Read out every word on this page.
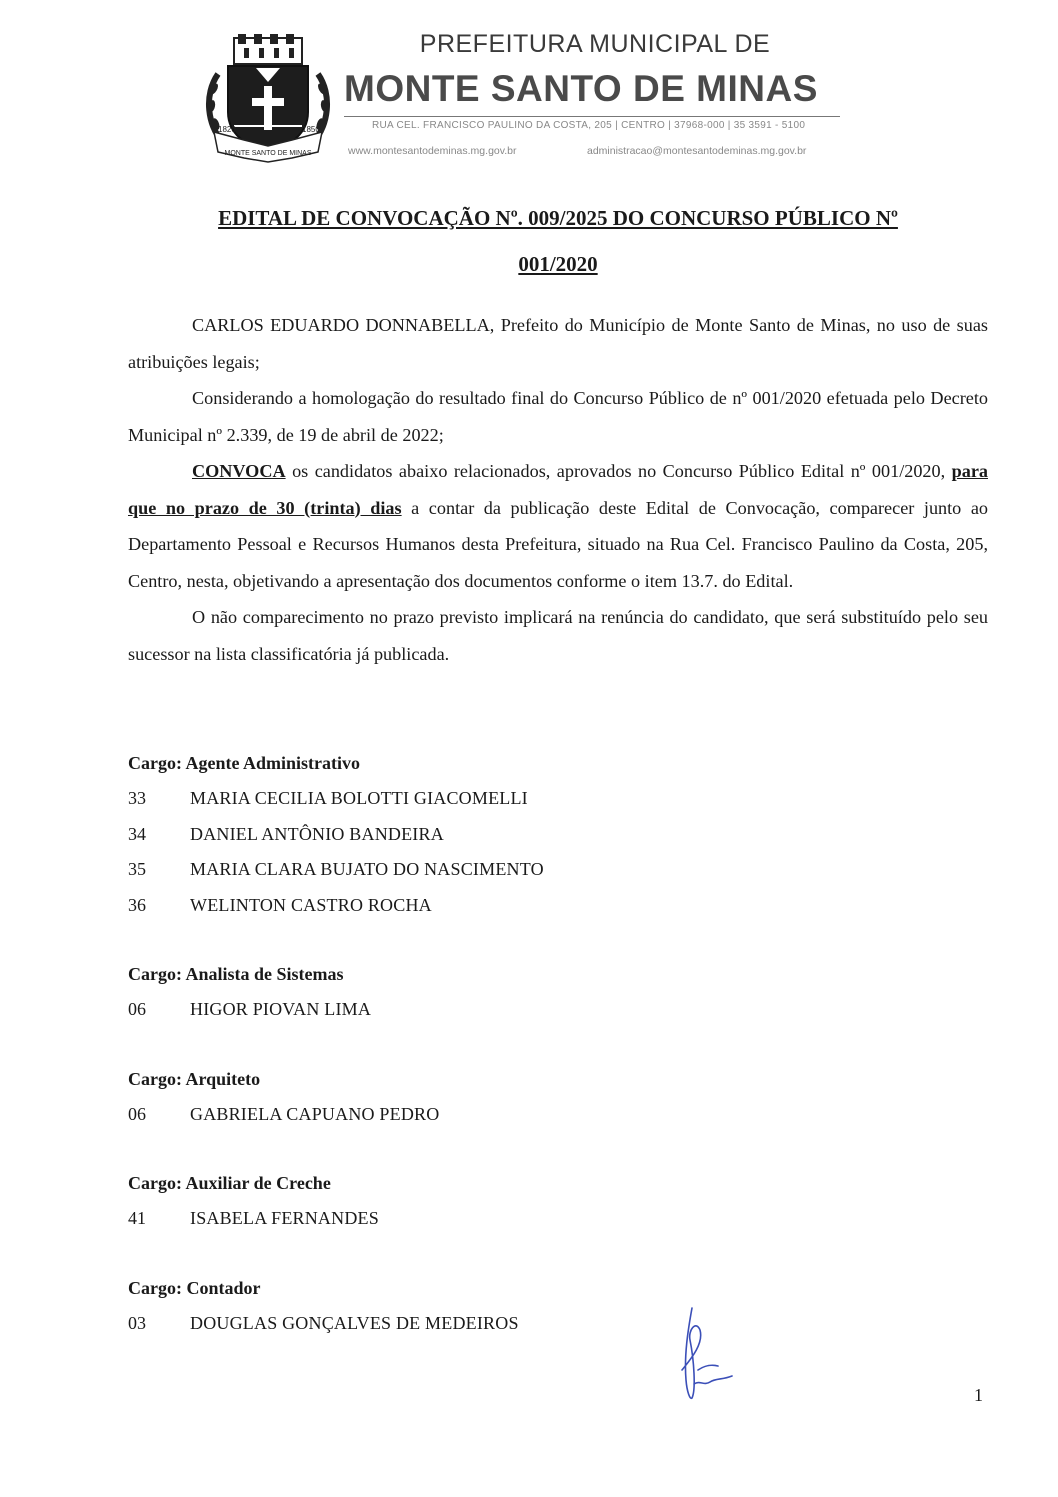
MONTE SANTO DE MINAS
1820	1850
PREFEITURA MUNICIPAL DE
MONTE SANTO DE MINAS
RUA CEL. FRANCISCO PAULINO DA COSTA, 205 | CENTRO | 37968-000 | 35 3591 - 5100
www.montesantodeminas.mg.gov.br	administracao@montesantodeminas.mg.gov.br
EDITAL DE CONVOCAÇÃO Nº. 009/2025 DO CONCURSO PÚBLICO Nº
001/2020

CARLOS EDUARDO DONNABELLA, Prefeito do Município de Monte Santo de Minas, no uso de suas atribuições legais;

Considerando a homologação do resultado final do Concurso Público de nº 001/2020 efetuada pelo Decreto Municipal nº 2.339, de 19 de abril de 2022;

CONVOCA os candidatos abaixo relacionados, aprovados no Concurso Público Edital nº 001/2020, para que no prazo de 30 (trinta) dias a contar da publicação deste Edital de Convocação, comparecer junto ao Departamento Pessoal e Recursos Humanos desta Prefeitura, situado na Rua Cel. Francisco Paulino da Costa, 205, Centro, nesta, objetivando a apresentação dos documentos conforme o item 13.7. do Edital.

O não comparecimento no prazo previsto implicará na renúncia do candidato, que será substituído pelo seu sucessor na lista classificatória já publicada.

Cargo: Agente Administrativo
33	MARIA CECILIA BOLOTTI GIACOMELLI
34	DANIEL ANTÔNIO BANDEIRA
35	MARIA CLARA BUJATO DO NASCIMENTO
36	WELINTON CASTRO ROCHA
Cargo: Analista de Sistemas
06	HIGOR PIOVAN LIMA
Cargo: Arquiteto
06	GABRIELA CAPUANO PEDRO
Cargo: Auxiliar de Creche
41	ISABELA FERNANDES
Cargo: Contador
03	DOUGLAS GONÇALVES DE MEDEIROS
1
